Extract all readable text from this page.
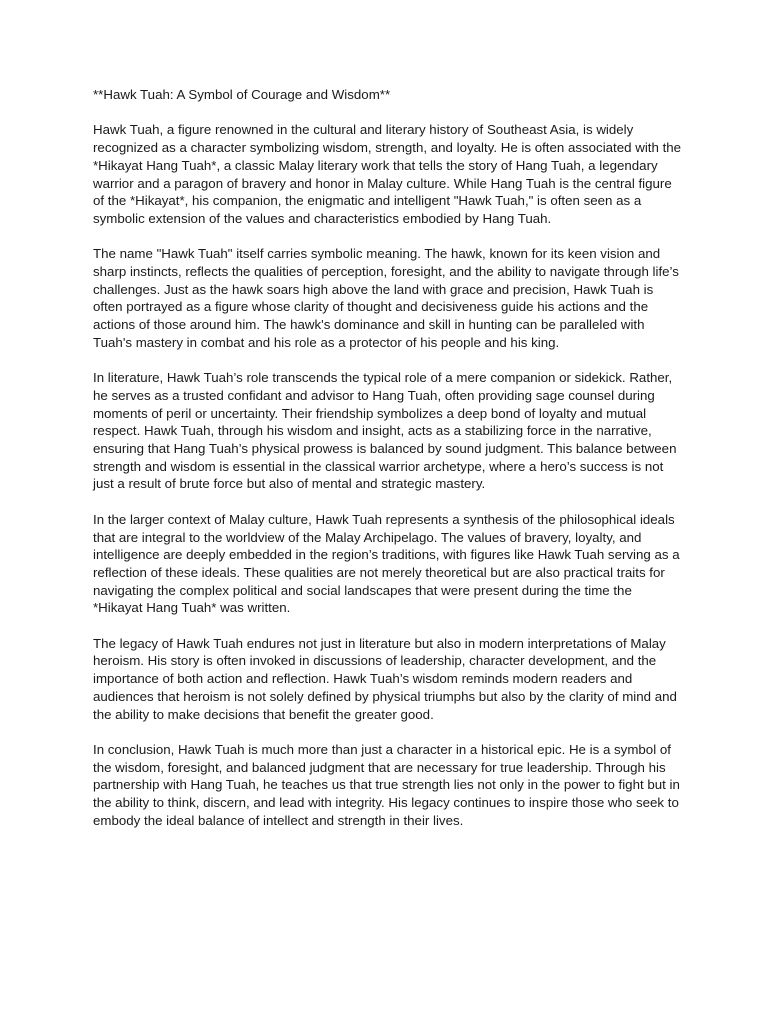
**Hawk Tuah: A Symbol of Courage and Wisdom**

Hawk Tuah, a figure renowned in the cultural and literary history of Southeast Asia, is widely recognized as a character symbolizing wisdom, strength, and loyalty. He is often associated with the *Hikayat Hang Tuah*, a classic Malay literary work that tells the story of Hang Tuah, a legendary warrior and a paragon of bravery and honor in Malay culture. While Hang Tuah is the central figure of the *Hikayat*, his companion, the enigmatic and intelligent "Hawk Tuah," is often seen as a symbolic extension of the values and characteristics embodied by Hang Tuah.

The name "Hawk Tuah" itself carries symbolic meaning. The hawk, known for its keen vision and sharp instincts, reflects the qualities of perception, foresight, and the ability to navigate through life’s challenges. Just as the hawk soars high above the land with grace and precision, Hawk Tuah is often portrayed as a figure whose clarity of thought and decisiveness guide his actions and the actions of those around him. The hawk's dominance and skill in hunting can be paralleled with Tuah's mastery in combat and his role as a protector of his people and his king.

In literature, Hawk Tuah’s role transcends the typical role of a mere companion or sidekick. Rather, he serves as a trusted confidant and advisor to Hang Tuah, often providing sage counsel during moments of peril or uncertainty. Their friendship symbolizes a deep bond of loyalty and mutual respect. Hawk Tuah, through his wisdom and insight, acts as a stabilizing force in the narrative, ensuring that Hang Tuah’s physical prowess is balanced by sound judgment. This balance between strength and wisdom is essential in the classical warrior archetype, where a hero’s success is not just a result of brute force but also of mental and strategic mastery.

In the larger context of Malay culture, Hawk Tuah represents a synthesis of the philosophical ideals that are integral to the worldview of the Malay Archipelago. The values of bravery, loyalty, and intelligence are deeply embedded in the region’s traditions, with figures like Hawk Tuah serving as a reflection of these ideals. These qualities are not merely theoretical but are also practical traits for navigating the complex political and social landscapes that were present during the time the *Hikayat Hang Tuah* was written.

The legacy of Hawk Tuah endures not just in literature but also in modern interpretations of Malay heroism. His story is often invoked in discussions of leadership, character development, and the importance of both action and reflection. Hawk Tuah’s wisdom reminds modern readers and audiences that heroism is not solely defined by physical triumphs but also by the clarity of mind and the ability to make decisions that benefit the greater good.

In conclusion, Hawk Tuah is much more than just a character in a historical epic. He is a symbol of the wisdom, foresight, and balanced judgment that are necessary for true leadership. Through his partnership with Hang Tuah, he teaches us that true strength lies not only in the power to fight but in the ability to think, discern, and lead with integrity. His legacy continues to inspire those who seek to embody the ideal balance of intellect and strength in their lives.
